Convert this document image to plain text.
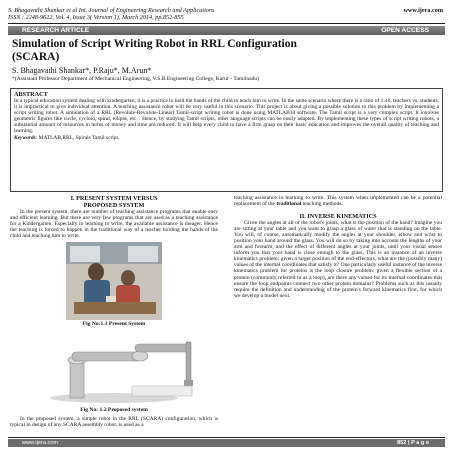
S. Bhagavathi Shankar et al Int. Journal of Engineering Research and Applications	www.ijera.com
ISSN : 2248-9622, Vol. 4, Issue 3( Version 1), March 2014, pp.852-855
RESEARCH ARTICLE	OPEN ACCESS
Simulation of Script Writing Robot in RRL Configuration
(SCARA)
S. Bhagavathi Shankar*, P.Raju*, M.Arun*
*(Assistant Professor Department of Mechanical Engineering, V.S.B.Engineering College, Karur - Tamilnadu)
ABSTRACT
In a typical education system dealing with kindergarten, it is a practice to hold the hands of the child to teach him to write. In the same scenario where there is a ratio of 1:40, teachers vs. students, it is impractical to give individual attention. A teaching assistance robot will be very useful in this scenario. This project is about giving a possible solution to this problem by implementing a script writing robot. A simulation of a RRL (Revolute-Revolute-Linear) Tamil-script writing robot is done using MATLAB10 software. The Tamil script is a very complex script. It involves geometric figures like circle, cycloid, spiral, ellipse, etc. . Hence, by studying Tamil scripts, other language scripts can be easily adapted. By implementing these types of script writing robots, a substantial amount of resources in terms of money and time are reduced. It will help every child to have a firm grasp on their basic education and improves the overall quality of teaching and learning.
Keywords: MATLAB,RRL, Spirals Tamil script.
I. PRESENT SYSTEM VERSUS
PROPOSED SYSTEM

In the present system, there are number of teaching assistance programs that enable easy and efficient learning. But there are very few programs that are used as a teaching assistance for a Kindergarten. Especially in learning to write, the available assistance is meager. Hence the teaching is forced to happen in the traditional way of a teacher holding the hands of the child and teaching him to write.

Fig No:1.1 Present System
Fig No: 1.2 Proposed system

In the proposed system, a simple robot in the RRL (SCARA) configuration, which is typical in design of any SCARA assembly robot, is used as a

teaching assistance in learning to write. This system when implemented can be a potential replacement of the traditional teaching methods.

II. INVERSE KINEMATICS

Given the angles at all of the robot's joints, what is the position of the hand? Imagine you are sitting at your table and you want to grasp a glass of water that is standing on the table. You will, of course, automatically modify the angles at your shoulder, elbow and wrist to position your hand around the glass. You will do so by taking into account the lengths of your arm and forearm, and the effect of different angles at your joints, until your visual senses inform you that your hand is close enough to the glass. This is an instance of an inverse kinematics problem: given a target position of the end-effectors, what are the (possibly many) values of the internal coordinates that satisfy it? One particularly useful instance of the inverse kinematics problem for proteins is the loop closure problem: given a flexible section of a protein (commonly referred to as a loop), are there any values for its internal coordinates that ensure the loop endpoints connect two other protein domains? Problems such as this usually require the definition and understanding of the protein's forward kinematics first, for which we develop a model next.

www.ijera.com	852 | P a g e
